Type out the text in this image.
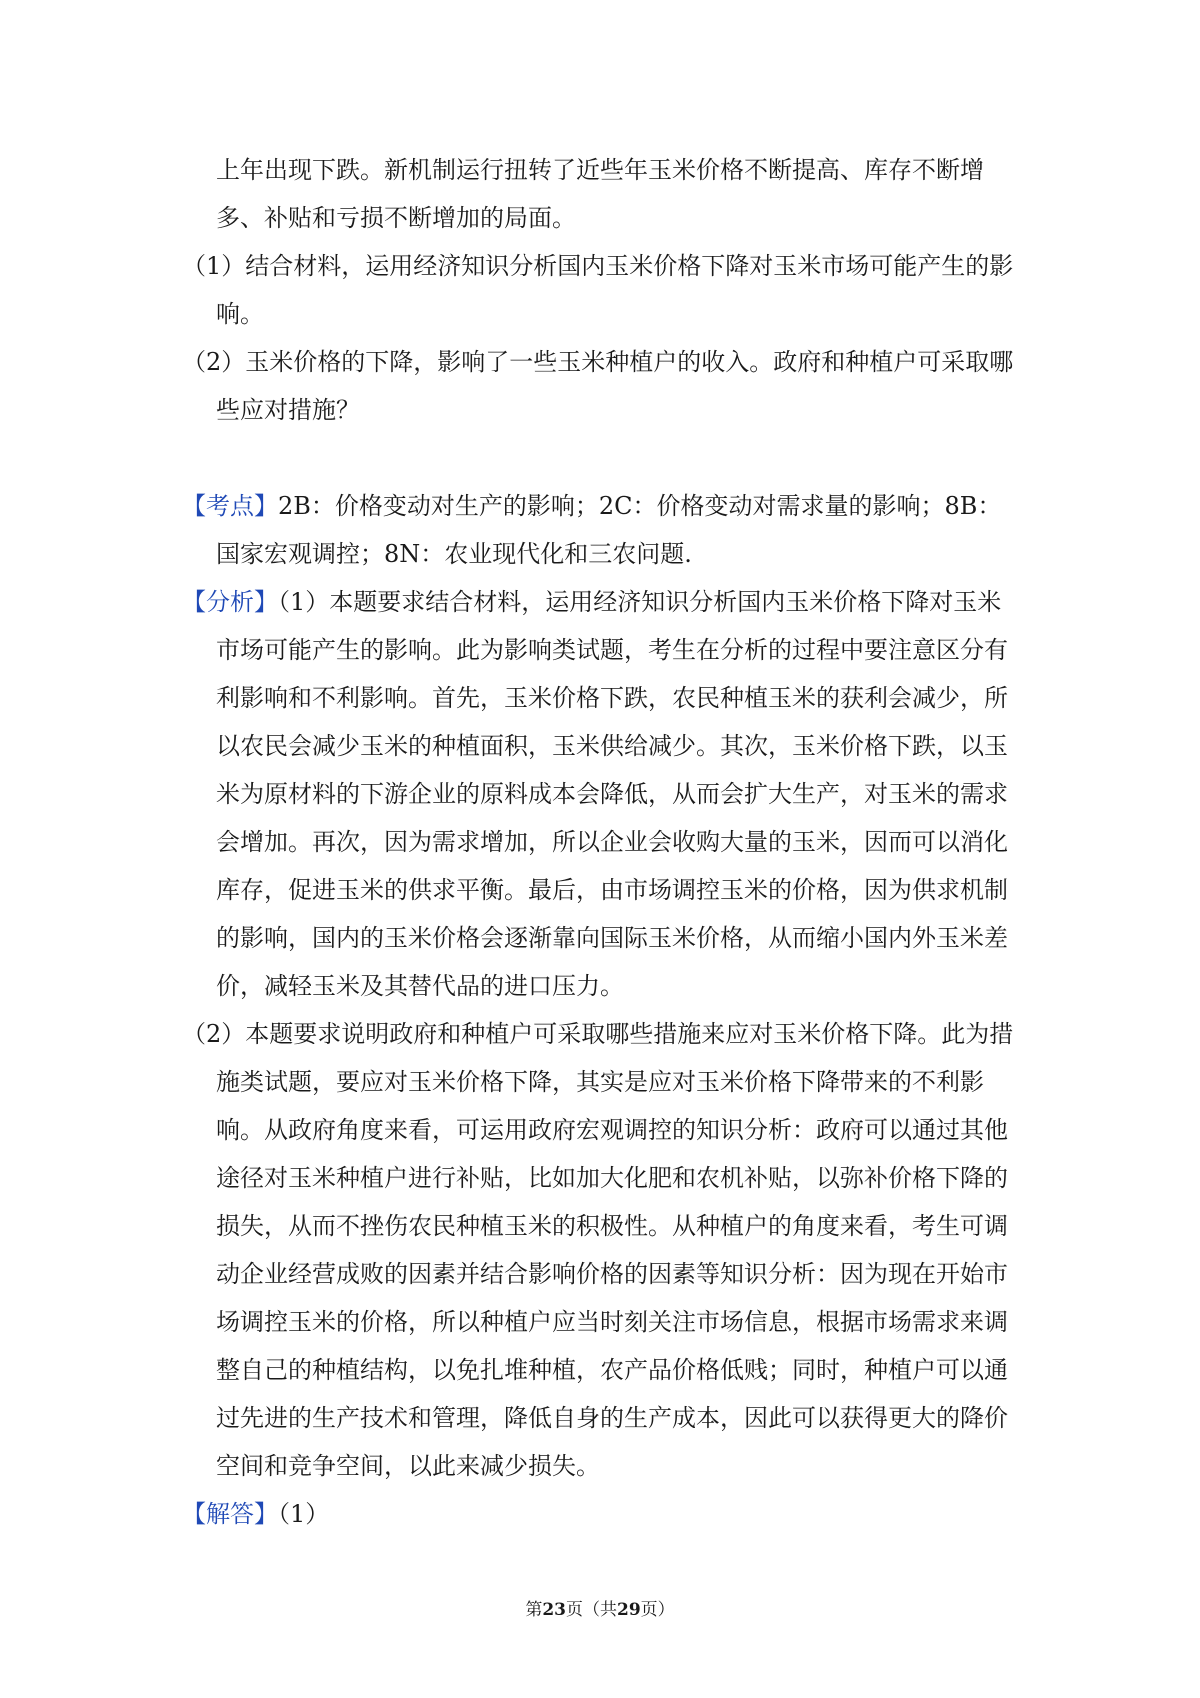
上年出现下跌。新机制运行扭转了近些年玉米价格不断提高、库存不断增多、补贴和亏损不断增加的局面。

（1）结合材料，运用经济知识分析国内玉米价格下降对玉米市场可能产生的影响。

（2）玉米价格的下降，影响了一些玉米种植户的收入。政府和种植户可采取哪些应对措施？

【考点】2B：价格变动对生产的影响；2C：价格变动对需求量的影响；8B：国家宏观调控；8N：农业现代化和三农问题.

【分析】（1）本题要求结合材料，运用经济知识分析国内玉米价格下降对玉米市场可能产生的影响。此为影响类试题，考生在分析的过程中要注意区分有利影响和不利影响。首先，玉米价格下跌，农民种植玉米的获利会减少，所以农民会减少玉米的种植面积，玉米供给减少。其次，玉米价格下跌，以玉米为原材料的下游企业的原料成本会降低，从而会扩大生产，对玉米的需求会增加。再次，因为需求增加，所以企业会收购大量的玉米，因而可以消化库存，促进玉米的供求平衡。最后，由市场调控玉米的价格，因为供求机制的影响，国内的玉米价格会逐渐靠向国际玉米价格，从而缩小国内外玉米差价，减轻玉米及其替代品的进口压力。

（2）本题要求说明政府和种植户可采取哪些措施来应对玉米价格下降。此为措施类试题，要应对玉米价格下降，其实是应对玉米价格下降带来的不利影响。从政府角度来看，可运用政府宏观调控的知识分析：政府可以通过其他途径对玉米种植户进行补贴，比如加大化肥和农机补贴，以弥补价格下降的损失，从而不挫伤农民种植玉米的积极性。从种植户的角度来看，考生可调动企业经营成败的因素并结合影响价格的因素等知识分析：因为现在开始市场调控玉米的价格，所以种植户应当时刻关注市场信息，根据市场需求来调整自己的种植结构，以免扎堆种植，农产品价格低贱；同时，种植户可以通过先进的生产技术和管理，降低自身的生产成本，因此可以获得更大的降价空间和竞争空间，以此来减少损失。

【解答】（1）

第23页（共29页）
